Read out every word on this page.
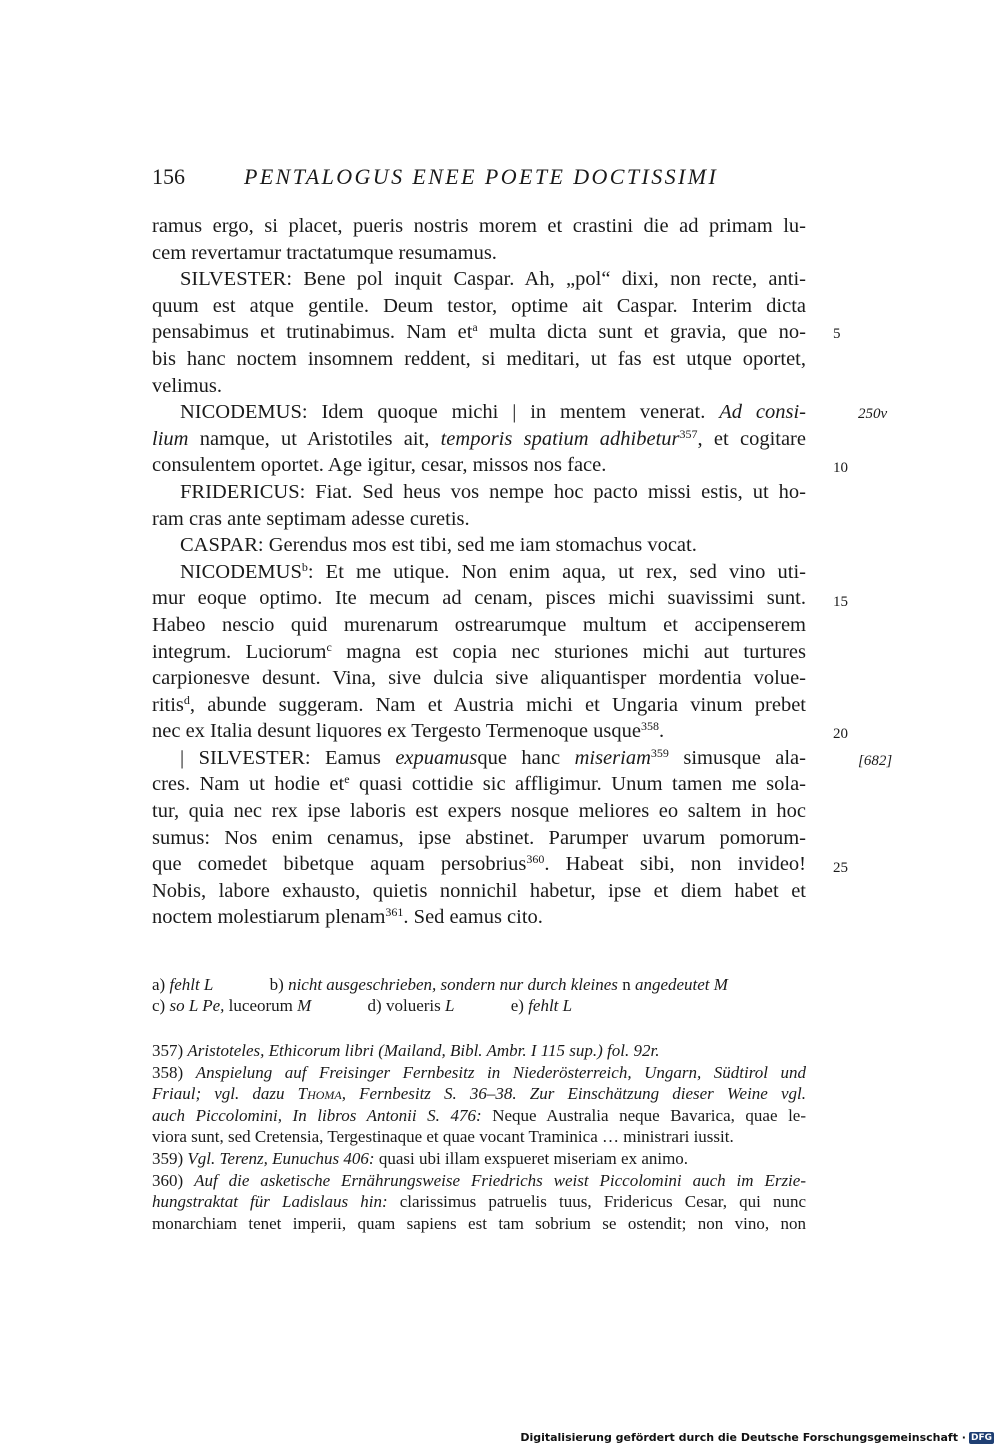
156	PENTALOGUS ENEE POETE DOCTISSIMI
ramus ergo, si placet, pueris nostris morem et crastini die ad primam lu-
cem revertamur tractatumque resumamus.
SILVESTER: Bene pol inquit Caspar. Ah, „pol“ dixi, non recte, anti-
quum est atque gentile. Deum testor, optime ait Caspar. Interim dicta
pensabimus et trutinabimus. Nam $et^a$ multa dicta sunt et gravia, que no-
bis hanc noctem insomnem reddent, si meditari, ut fas est utque oportet,
velimus.
NICODEMUS: Idem quoque michi | in mentem venerat. Ad consi-
lium namque, ut Aristotiles ait, temporis spatium adhibetur$^{357}$, et cogitare
consulentem oportet. Age igitur, cesar, missos nos face.
FRIDERICUS: Fiat. Sed heus vos nempe hoc pacto missi estis, ut ho-
ram cras ante septimam adesse curetis.
CASPAR: Gerendus mos est tibi, sed me iam stomachus vocat.
NICODEMUS$^b$: Et me utique. Non enim aqua, ut rex, sed vino uti-
mur eoque optimo. Ite mecum ad cenam, pisces michi suavissimi sunt.
Habeo nescio quid murenarum ostrearumque multum et accipenserem
integrum. Luciorum$^c$ magna est copia nec sturiones michi aut turtures
carpionesve desunt. Vina, sive dulcia sive aliquantisper mordentia volue-
ritis$^d$, abunde suggeram. Nam et Austria michi et Ungaria vinum prebet
nec ex Italia desunt liquores ex Tergesto Termenoque usque$^{358}$.
| SILVESTER: Eamus expuamusque hanc miseriam$^{359}$ simusque ala-
cres. Nam ut hodie $et^e$ quasi cottidie sic affligimur. Unum tamen me sola-
tur, quia nec rex ipse laboris est expers nosque meliores eo saltem in hoc
sumus: Nos enim cenamus, ipse abstinet. Parumper uvarum pomorum-
que comedet bibetque aquam persobrius$^{360}$. Habeat sibi, non invideo!
Nobis, labore exhausto, quietis nonnichil habetur, ipse et diem habet et
noctem molestiarum plenam$^{361}$. Sed eamus cito.
5
250v
10
15
20
[682]
25
a) fehlt L	b) nicht ausgeschrieben, sondern nur durch kleines n angedeutet M
c) so L Pe, luceorum M	d) volueris L	e) fehlt L
357) Aristoteles, Ethicorum libri (Mailand, Bibl. Ambr. I 115 sup.) fol. 92r.
358) Anspielung auf Freisinger Fernbesitz in Niederösterreich, Ungarn, Südtirol und
Friaul; vgl. dazu Thoma, Fernbesitz S. 36–38. Zur Einschätzung dieser Weine vgl.
auch Piccolomini, In libros Antonii S. 476: Neque Australia neque Bavarica, quae le-
viora sunt, sed Cretensia, Tergestinaque et quae vocant Traminica … ministrari iussit.
359) Vgl. Terenz, Eunuchus 406: quasi ubi illam exspueret miseriam ex animo.
360) Auf die asketische Ernährungsweise Friedrichs weist Piccolomini auch im Erzie-
hungstraktat für Ladislaus hin: clarissimus patruelis tuus, Fridericus Cesar, qui nunc
monarchiam tenet imperii, quam sapiens est tam sobrium se ostendit; non vino, non
Digitalisierung gefördert durch die Deutsche Forschungsgemeinschaft · DFG
